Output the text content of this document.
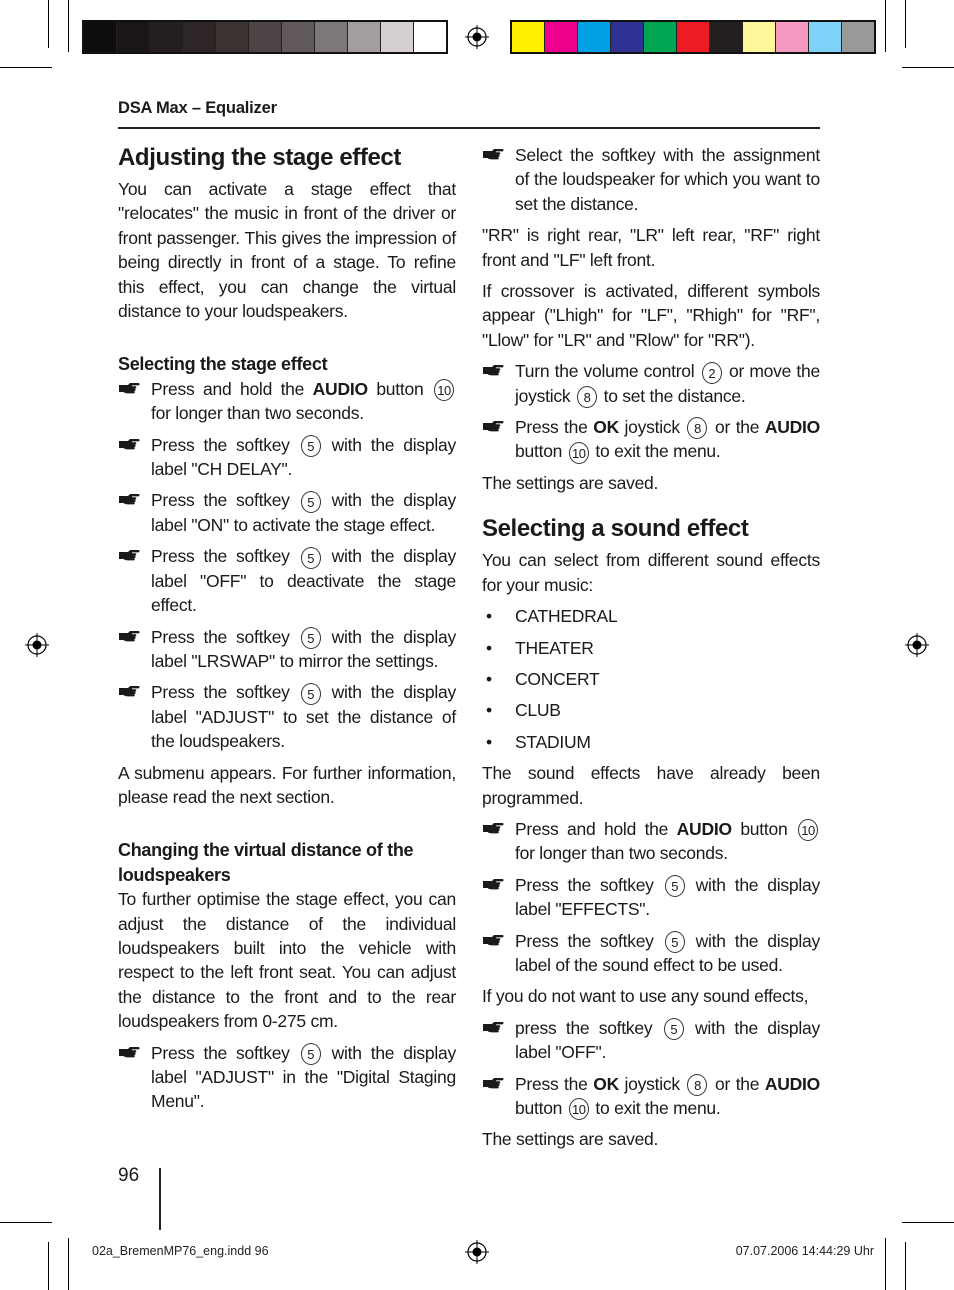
DSA Max – Equalizer
Adjusting the stage effect

You can activate a stage effect that "relocates" the music in front of the driver or front passenger. This gives the impression of being directly in front of a stage. To refine this effect, you can change the virtual distance to your loudspeakers.

Selecting the stage effect
Press and hold the AUDIO button 10 for longer than two seconds.
Press the softkey 5 with the display label "CH DELAY".
Press the softkey 5 with the display label "ON" to activate the stage effect.
Press the softkey 5 with the display label "OFF" to deactivate the stage effect.
Press the softkey 5 with the display label "LRSWAP" to mirror the settings.
Press the softkey 5 with the display label "ADJUST" to set the distance of the loudspeakers.

A submenu appears. For further information, please read the next section.

Changing the virtual distance of the loudspeakers

To further optimise the stage effect, you can adjust the distance of the individual loudspeakers built into the vehicle with respect to the left front seat. You can adjust the distance to the front and to the rear loudspeakers from 0-275 cm.

Press the softkey 5 with the display label "ADJUST" in the "Digital Staging Menu".
Select the softkey with the assignment of the loudspeaker for which you want to set the distance.

"RR" is right rear, "LR" left rear, "RF" right front and "LF" left front.

If crossover is activated, different symbols appear ("Lhigh" for "LF", "Rhigh" for "RF", "Llow" for "LR" and "Rlow" for "RR").

Turn the volume control 2 or move the joystick 8 to set the distance.
Press the OK joystick 8 or the AUDIO button 10 to exit the menu.

The settings are saved.

Selecting a sound effect

You can select from different sound effects for your music:

• CATHEDRAL
• THEATER
• CONCERT
• CLUB
• STADIUM

The sound effects have already been programmed.

Press and hold the AUDIO button 10 for longer than two seconds.
Press the softkey 5 with the display label "EFFECTS".
Press the softkey 5 with the display label of the sound effect to be used.

If you do not want to use any sound effects,

press the softkey 5 with the display label "OFF".
Press the OK joystick 8 or the AUDIO button 10 to exit the menu.

The settings are saved.

96
02a_BremenMP76_eng.indd 96	07.07.2006 14:44:29 Uhr
